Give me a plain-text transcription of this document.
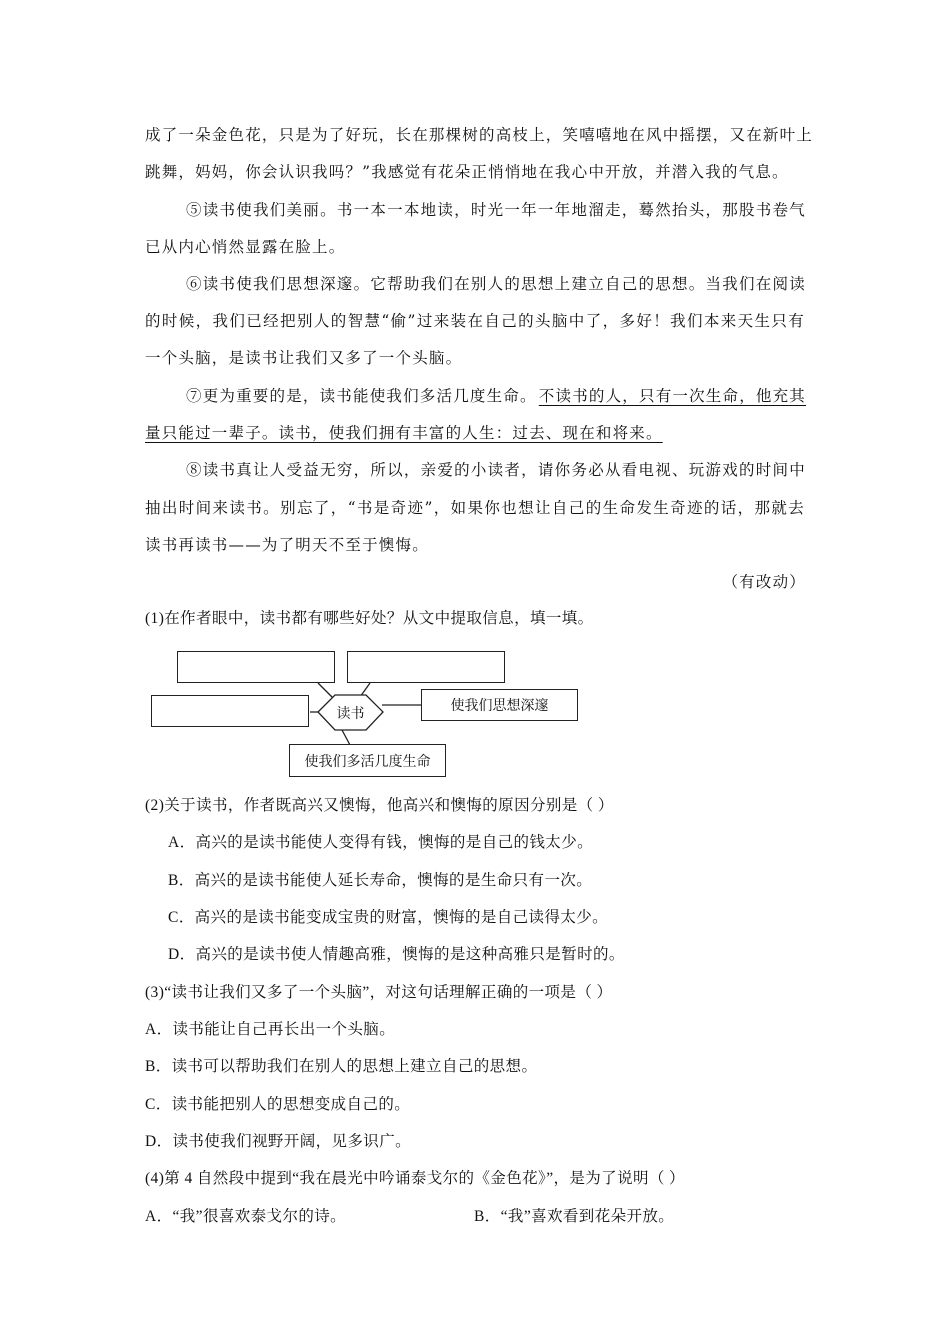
成了一朵金色花，只是为了好玩，长在那棵树的高枝上，笑嘻嘻地在风中摇摆，又在新叶上
跳舞，妈妈，你会认识我吗？”我感觉有花朵正悄悄地在我心中开放，并潜入我的气息。
⑤读书使我们美丽。书一本一本地读，时光一年一年地溜走，蓦然抬头，那股书卷气
已从内心悄然显露在脸上。
⑥读书使我们思想深邃。它帮助我们在别人的思想上建立自己的思想。当我们在阅读
的时候，我们已经把别人的智慧“偷”过来装在自己的头脑中了，多好！我们本来天生只有
一个头脑，是读书让我们又多了一个头脑。
⑦更为重要的是，读书能使我们多活几度生命。 不读书的人，只有一次生命，他充其
量只能过一辈子。读书，使我们拥有丰富的人生：过去、现在和将来。
⑧读书真让人受益无穷，所以，亲爱的小读者，请你务必从看电视、玩游戏的时间中
抽出时间来读书。别忘了，“书是奇迹”，如果你也想让自己的生命发生奇迹的话，那就去
读书再读书——为了明天不至于懊悔。
（有改动）
(1)在作者眼中，读书都有哪些好处？从文中提取信息，填一填。
读书	使我们思想深邃
使我们多活几度生命
(2)关于读书，作者既高兴又懊悔，他高兴和懊悔的原因分别是（ ）
A．高兴的是读书能使人变得有钱，懊悔的是自己的钱太少。
B．高兴的是读书能使人延长寿命，懊悔的是生命只有一次。
C．高兴的是读书能变成宝贵的财富，懊悔的是自己读得太少。
D．高兴的是读书使人情趣高雅，懊悔的是这种高雅只是暂时的。
(3)“读书让我们又多了一个头脑”，对这句话理解正确的一项是（ ）
A．读书能让自己再长出一个头脑。
B．读书可以帮助我们在别人的思想上建立自己的思想。
C．读书能把别人的思想变成自己的。
D．读书使我们视野开阔，见多识广。
(4)第 4 自然段中提到“我在晨光中吟诵泰戈尔的《金色花》”，是为了说明（ ）
A．“我”很喜欢泰戈尔的诗。	B．“我”喜欢看到花朵开放。
